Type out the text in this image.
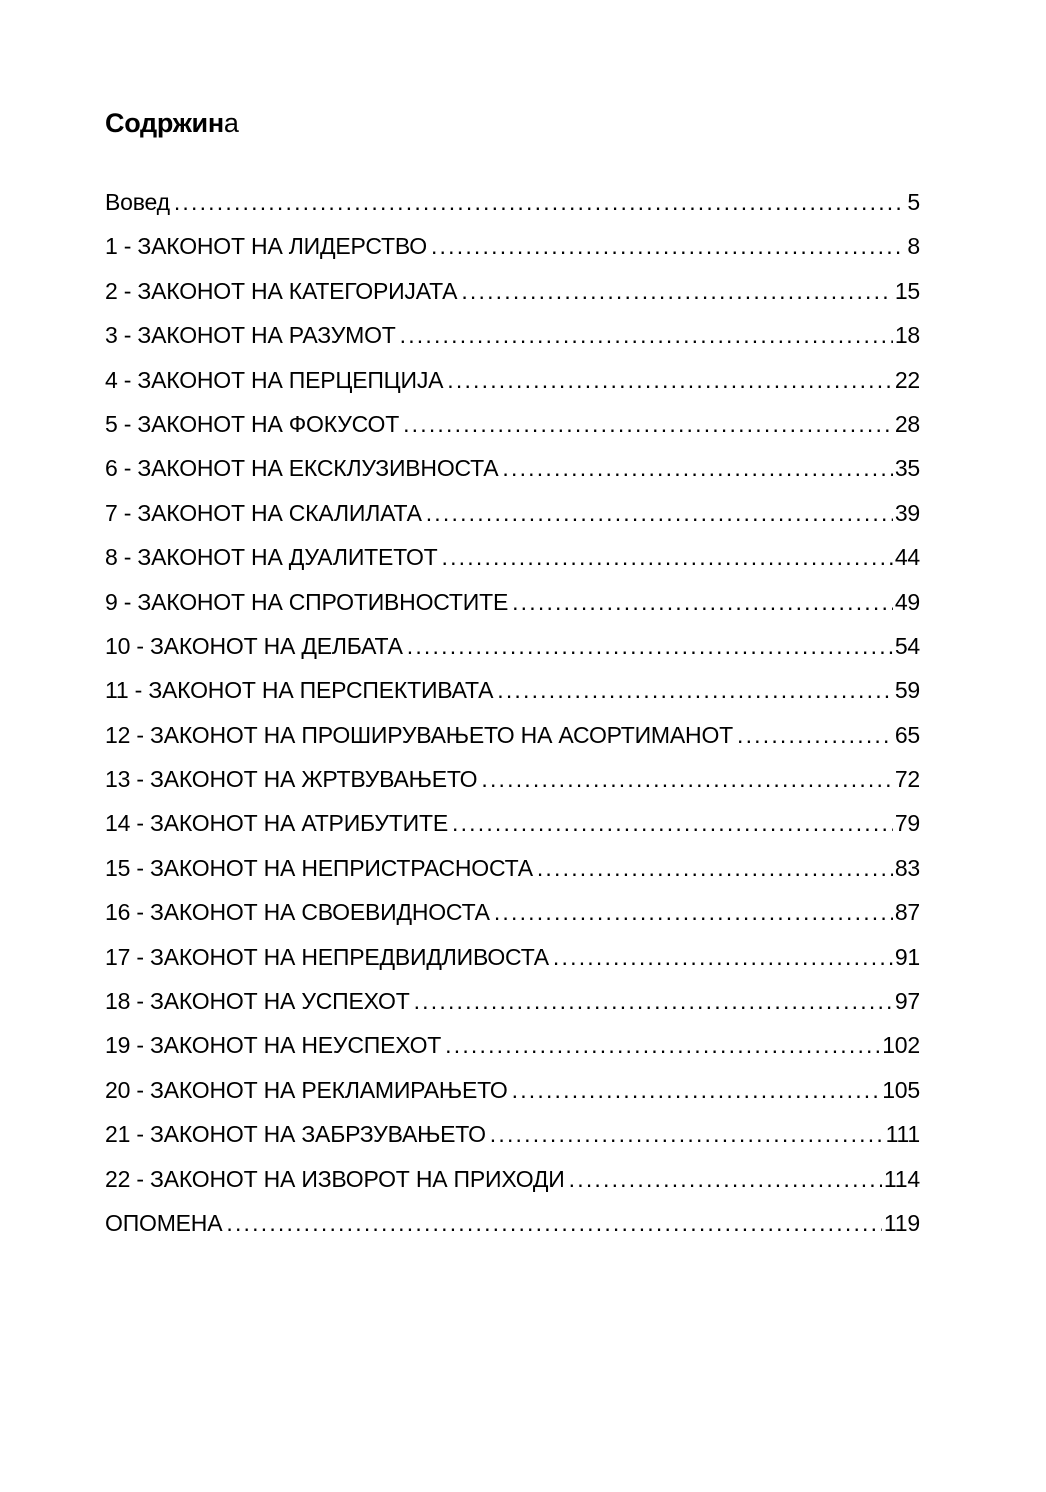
Содржина
Вовед .....	5
1 - ЗАКОНОТ НА ЛИДЕРСТВО .....	8
2 - ЗАКОНОТ НА КАТЕГОРИЈАТА .....	15
3 - ЗАКОНОТ НА РАЗУМОТ .....	18
4 - ЗАКОНОТ НА ПЕРЦЕПЦИЈА .....	22
5 - ЗАКОНОТ НА ФОКУСОТ .....	28
6 - ЗАКОНОТ НА ЕКСКЛУЗИВНОСТА .....	35
7 - ЗАКОНОТ НА СКАЛИЛАТА .....	39
8 - ЗАКОНОТ НА ДУАЛИТЕТОТ .....	44
9 - ЗАКОНОТ НА СПРОТИВНОСТИТЕ .....	49
10 - ЗАКОНОТ НА ДЕЛБАТА .....	54
11 - ЗАКОНОТ НА ПЕРСПЕКТИВАТА .....	59
12 - ЗАКОНОТ НА ПРОШИРУВАЊЕТО НА АСОРТИМАНОТ .....	65
13 - ЗАКОНОТ НА ЖРТВУВАЊЕТО .....	72
14 - ЗАКОНОТ НА АТРИБУТИТЕ .....	79
15 - ЗАКОНОТ НА НЕПРИСТРАСНОСТА .....	83
16 - ЗАКОНОТ НА СВОЕВИДНОСТА .....	87
17 - ЗАКОНОТ НА НЕПРЕДВИДЛИВОСТА .....	91
18 - ЗАКОНОТ НА УСПЕХОТ .....	97
19 - ЗАКОНОТ НА НЕУСПЕХОТ .....	102
20 - ЗАКОНОТ НА РЕКЛАМИРАЊЕТО .....	105
21 - ЗАКОНОТ НА ЗАБРЗУВАЊЕТО .....	111
22 - ЗАКОНОТ НА ИЗВОРОТ НА ПРИХОДИ .....	114
ОПОМЕНА .....	119
